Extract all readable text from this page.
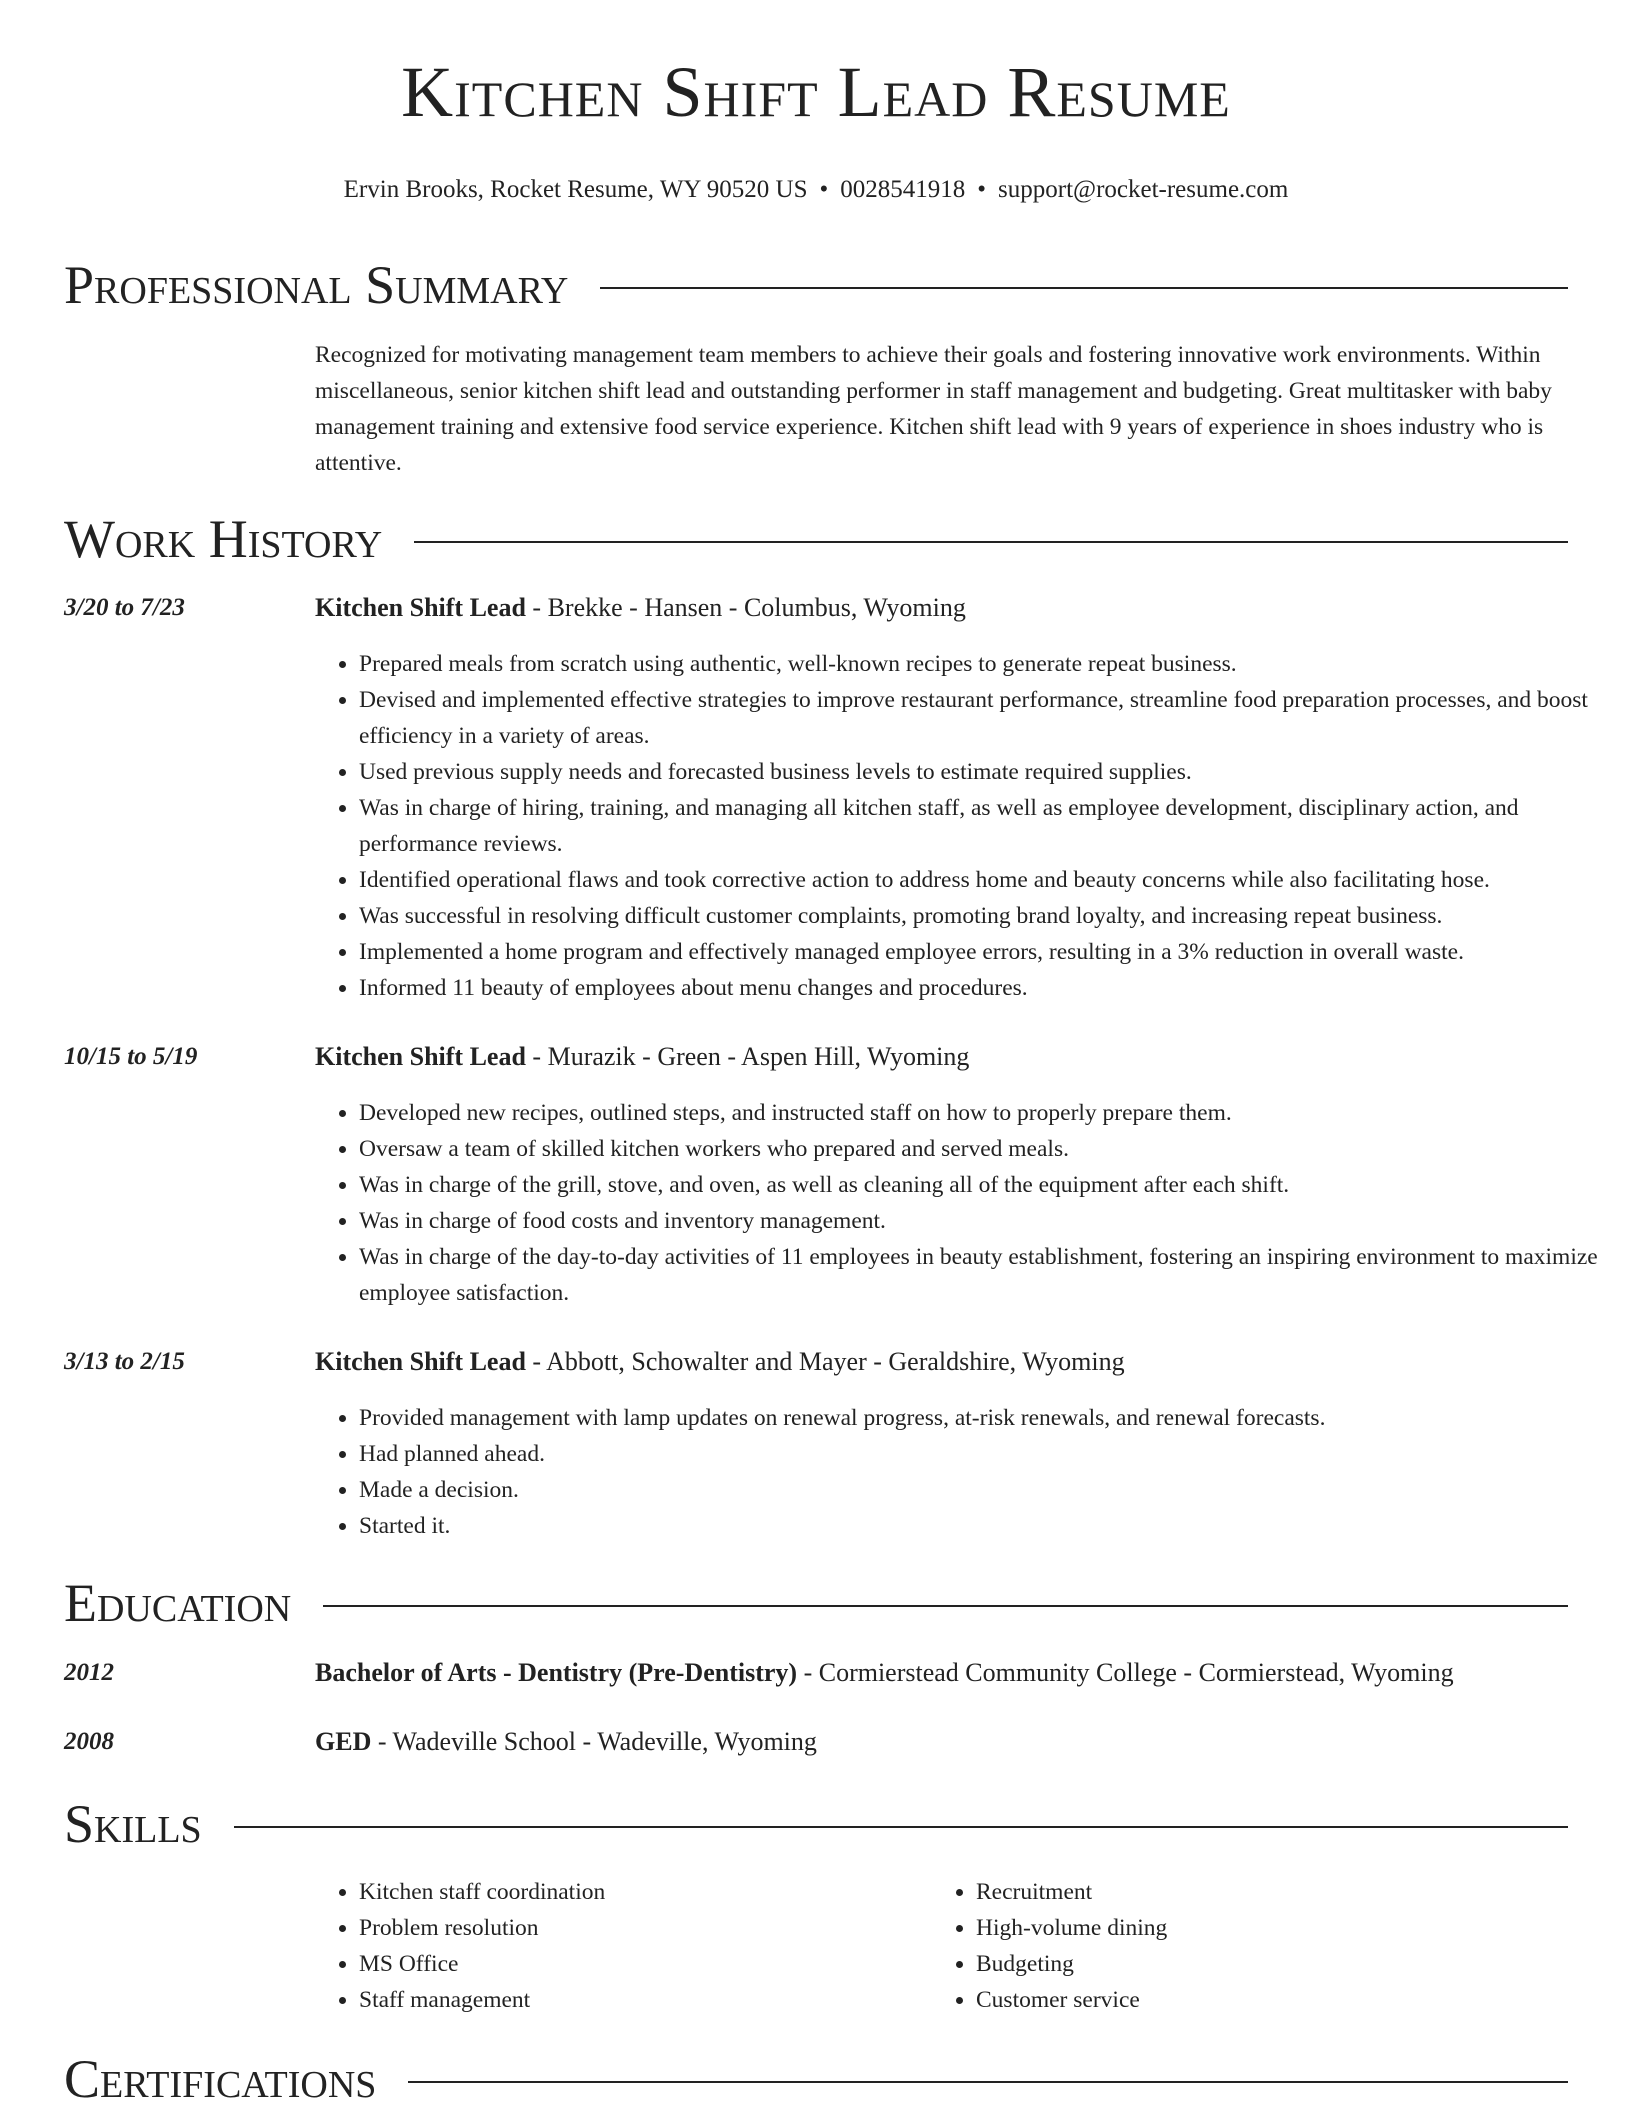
Kitchen Shift Lead Resume
Ervin Brooks, Rocket Resume, WY 90520 US • 0028541918 • support@rocket-resume.com
Professional Summary
Recognized for motivating management team members to achieve their goals and fostering innovative work environments. Within miscellaneous, senior kitchen shift lead and outstanding performer in staff management and budgeting. Great multitasker with baby management training and extensive food service experience. Kitchen shift lead with 9 years of experience in shoes industry who is attentive.
Work History
3/20 to 7/23	Kitchen Shift Lead - Brekke - Hansen - Columbus, Wyoming
• Prepared meals from scratch using authentic, well-known recipes to generate repeat business.
• Devised and implemented effective strategies to improve restaurant performance, streamline food preparation processes, and boost efficiency in a variety of areas.
• Used previous supply needs and forecasted business levels to estimate required supplies.
• Was in charge of hiring, training, and managing all kitchen staff, as well as employee development, disciplinary action, and performance reviews.
• Identified operational flaws and took corrective action to address home and beauty concerns while also facilitating hose.
• Was successful in resolving difficult customer complaints, promoting brand loyalty, and increasing repeat business.
• Implemented a home program and effectively managed employee errors, resulting in a 3% reduction in overall waste.
• Informed 11 beauty of employees about menu changes and procedures.
10/15 to 5/19	Kitchen Shift Lead - Murazik - Green - Aspen Hill, Wyoming
• Developed new recipes, outlined steps, and instructed staff on how to properly prepare them.
• Oversaw a team of skilled kitchen workers who prepared and served meals.
• Was in charge of the grill, stove, and oven, as well as cleaning all of the equipment after each shift.
• Was in charge of food costs and inventory management.
• Was in charge of the day-to-day activities of 11 employees in beauty establishment, fostering an inspiring environment to maximize employee satisfaction.
3/13 to 2/15	Kitchen Shift Lead - Abbott, Schowalter and Mayer - Geraldshire, Wyoming
• Provided management with lamp updates on renewal progress, at-risk renewals, and renewal forecasts.
• Had planned ahead.
• Made a decision.
• Started it.
Education
2012	Bachelor of Arts - Dentistry (Pre-Dentistry) - Cormierstead Community College - Cormierstead, Wyoming
2008	GED - Wadeville School - Wadeville, Wyoming
Skills
• Kitchen staff coordination
• Problem resolution
• MS Office
• Staff management
• Recruitment
• High-volume dining
• Budgeting
• Customer service
Certifications
